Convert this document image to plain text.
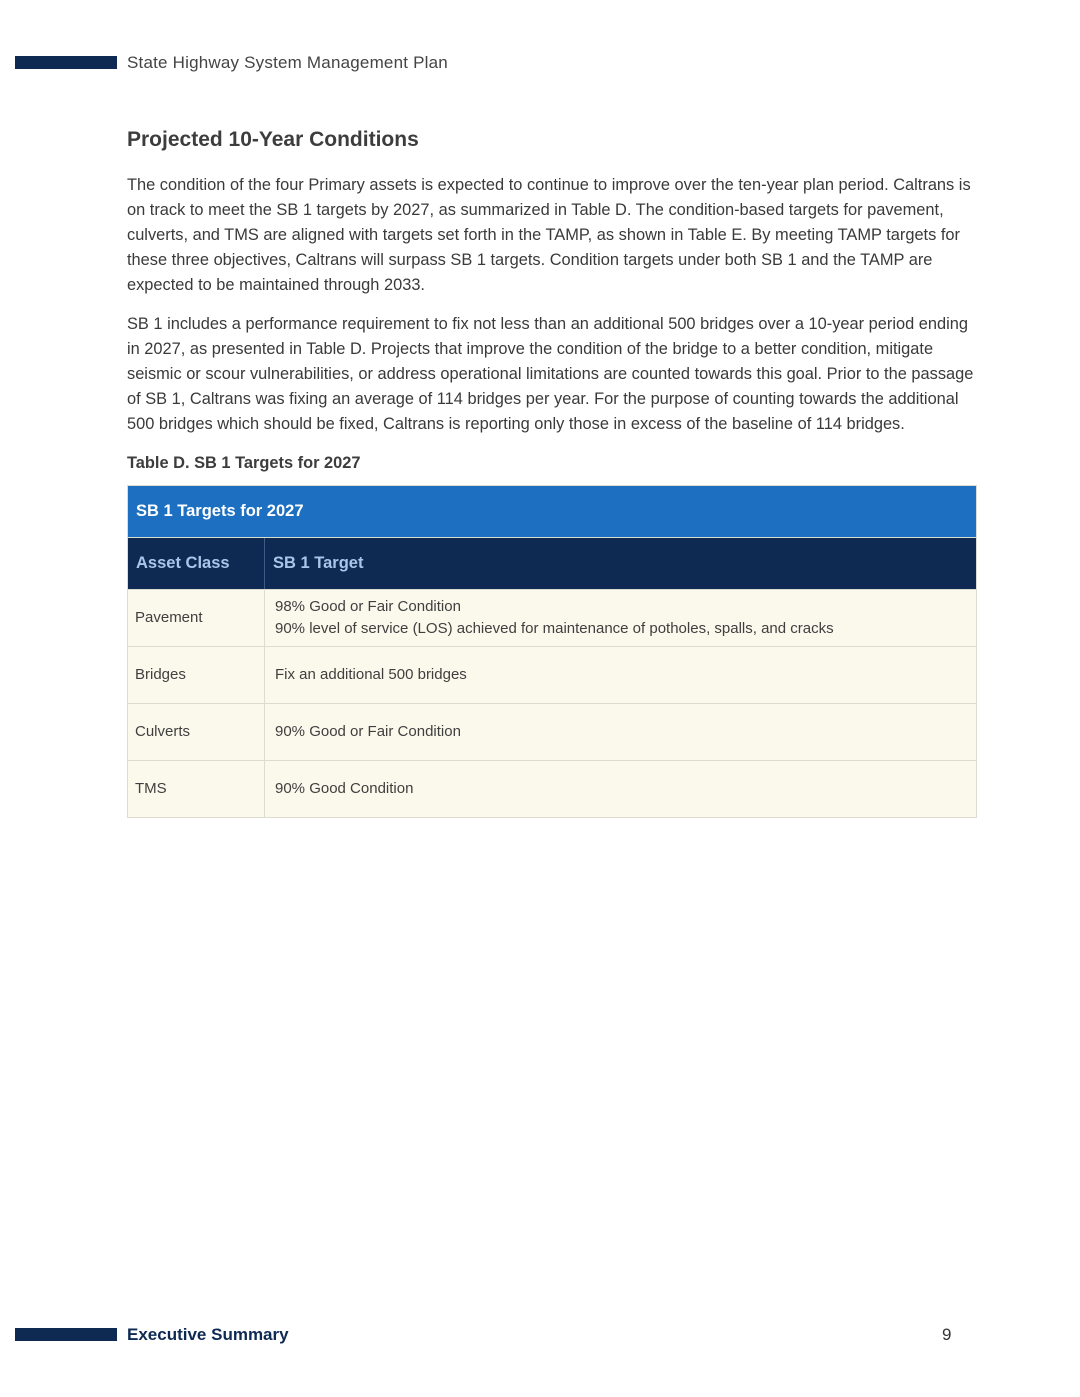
State Highway System Management Plan
Projected 10-Year Conditions

The condition of the four Primary assets is expected to continue to improve over the ten-year plan period. Caltrans is on track to meet the SB 1 targets by 2027, as summarized in Table D. The condition-based targets for pavement, culverts, and TMS are aligned with targets set forth in the TAMP, as shown in Table E. By meeting TAMP targets for these three objectives, Caltrans will surpass SB 1 targets. Condition targets under both SB 1 and the TAMP are expected to be maintained through 2033.

SB 1 includes a performance requirement to fix not less than an additional 500 bridges over a 10-year period ending in 2027, as presented in Table D. Projects that improve the condition of the bridge to a better condition, mitigate seismic or scour vulnerabilities, or address operational limitations are counted towards this goal. Prior to the passage of SB 1, Caltrans was fixing an average of 114 bridges per year. For the purpose of counting towards the additional 500 bridges which should be fixed, Caltrans is reporting only those in excess of the baseline of 114 bridges.

Table D. SB 1 Targets for 2027
SB 1 Targets for 2027	
Asset Class	SB 1 Target
Pavement	98% Good or Fair Condition
90% level of service (LOS) achieved for maintenance of potholes, spalls, and cracks

Bridges	Fix an additional 500 bridges

Culverts	90% Good or Fair Condition

TMS	90% Good Condition
Executive Summary	9
